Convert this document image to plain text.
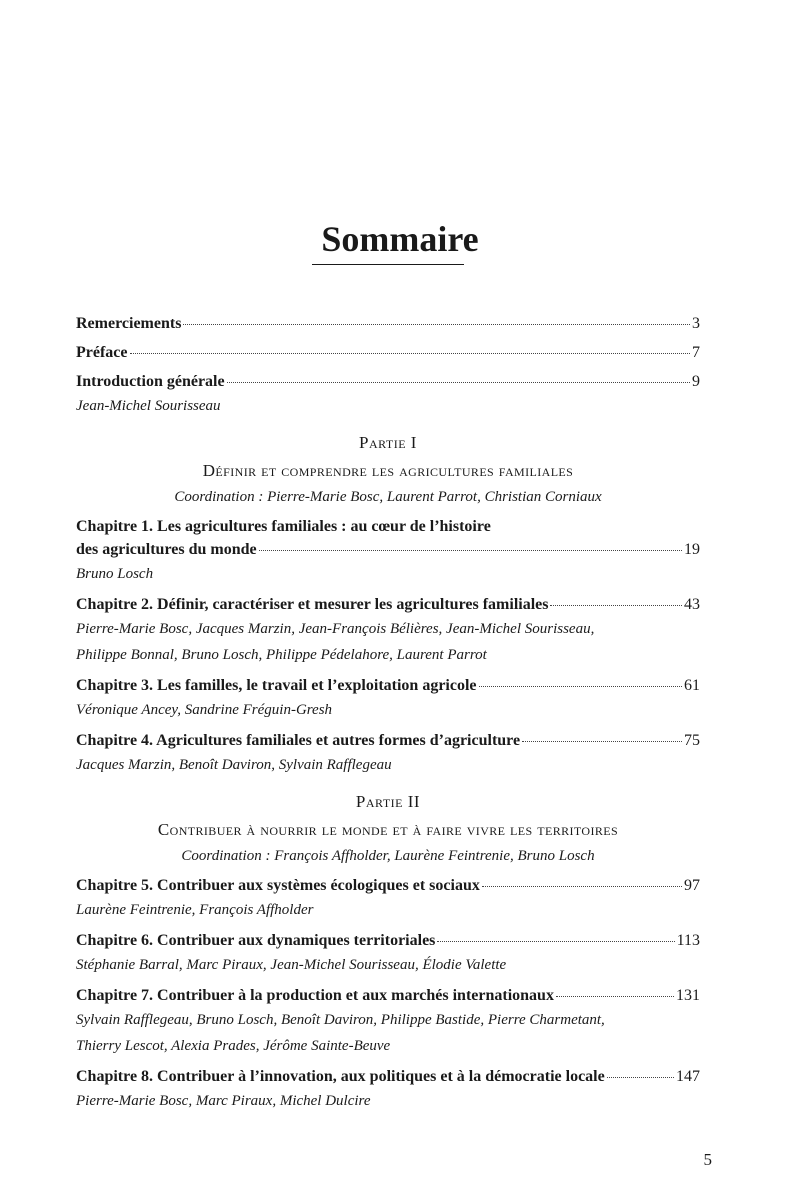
Sommaire
Remerciements	3
Préface	7
Introduction générale	9
Jean-Michel Sourisseau
Partie I
Définir et comprendre les agricultures familiales
Coordination : Pierre-Marie Bosc, Laurent Parrot, Christian Corniaux
Chapitre 1. Les agricultures familiales : au cœur de l’histoire
des agricultures du monde	19
Bruno Losch
Chapitre 2. Définir, caractériser et mesurer les agricultures familiales	43
Pierre-Marie Bosc, Jacques Marzin, Jean-François Bélières, Jean-Michel Sourisseau,
Philippe Bonnal, Bruno Losch, Philippe Pédelahore, Laurent Parrot
Chapitre 3. Les familles, le travail et l’exploitation agricole	61
Véronique Ancey, Sandrine Fréguin-Gresh
Chapitre 4. Agricultures familiales et autres formes d’agriculture	75
Jacques Marzin, Benoît Daviron, Sylvain Rafflegeau
Partie II
Contribuer à nourrir le monde et à faire vivre les territoires
Coordination : François Affholder, Laurène Feintrenie, Bruno Losch
Chapitre 5. Contribuer aux systèmes écologiques et sociaux	97
Laurène Feintrenie, François Affholder
Chapitre 6. Contribuer aux dynamiques territoriales	113
Stéphanie Barral, Marc Piraux, Jean-Michel Sourisseau, Élodie Valette
Chapitre 7. Contribuer à la production et aux marchés internationaux	131
Sylvain Rafflegeau, Bruno Losch, Benoît Daviron, Philippe Bastide, Pierre Charmetant,
Thierry Lescot, Alexia Prades, Jérôme Sainte-Beuve
Chapitre 8. Contribuer à l’innovation, aux politiques et à la démocratie locale	147
Pierre-Marie Bosc, Marc Piraux, Michel Dulcire
5
